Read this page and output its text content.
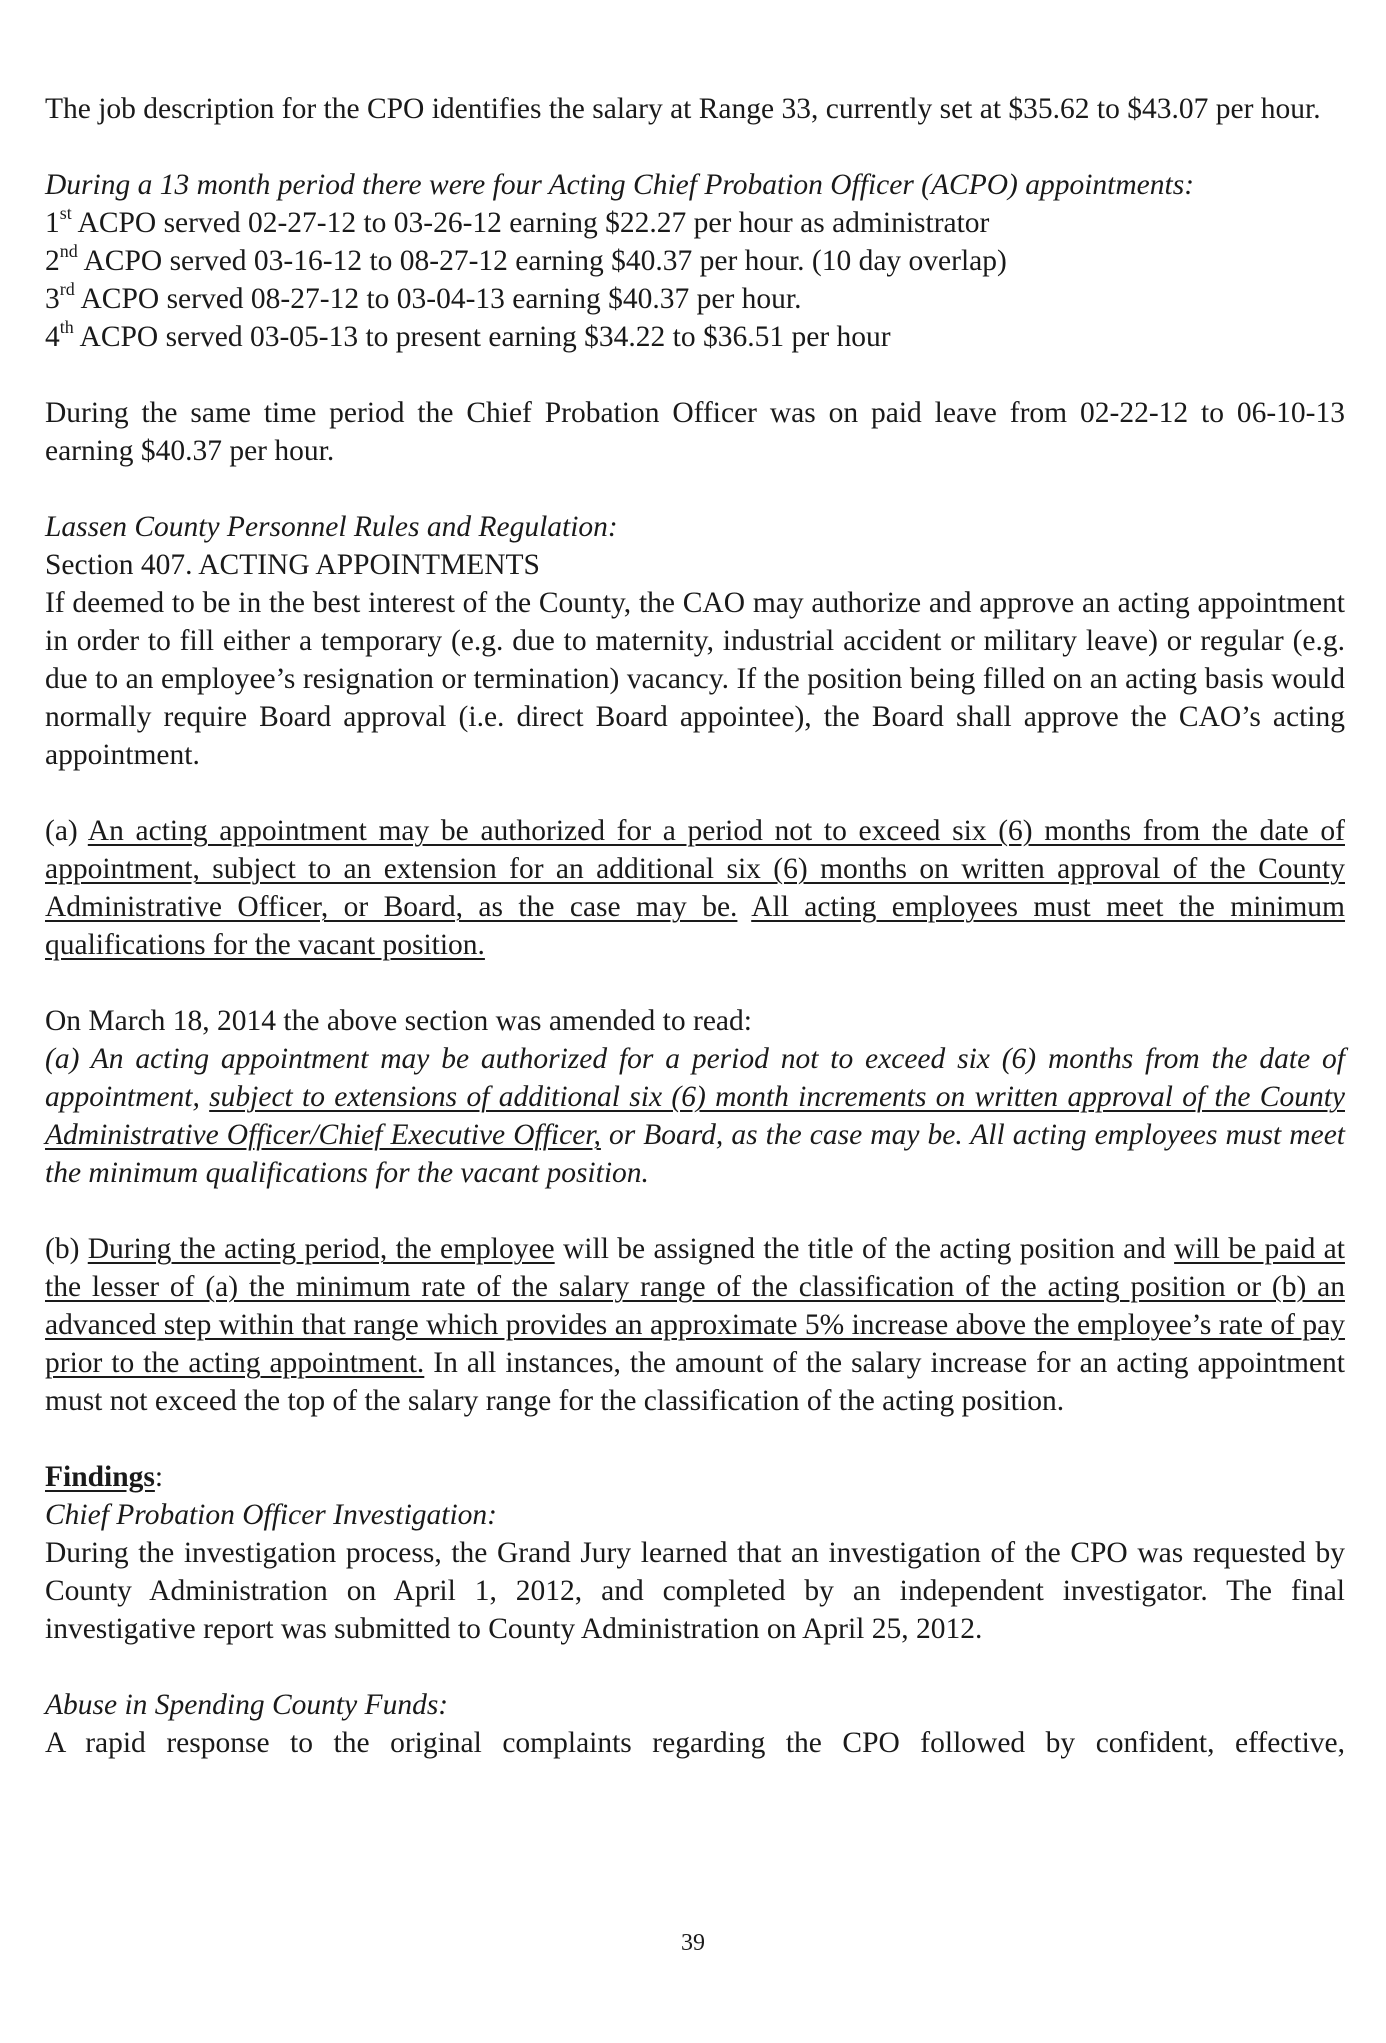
The job description for the CPO identifies the salary at Range 33, currently set at $35.62 to $43.07 per hour.

During a 13 month period there were four Acting Chief Probation Officer (ACPO) appointments:

1st ACPO served 02-27-12 to 03-26-12 earning $22.27 per hour as administrator

2nd ACPO served 03-16-12 to 08-27-12 earning $40.37 per hour. (10 day overlap)

3rd ACPO served 08-27-12 to 03-04-13 earning $40.37 per hour.

4th ACPO served 03-05-13 to present earning $34.22 to $36.51 per hour

During the same time period the Chief Probation Officer was on paid leave from 02-22-12 to 06-10-13 earning $40.37 per hour.

Lassen County Personnel Rules and Regulation:

Section 407. ACTING APPOINTMENTS

If deemed to be in the best interest of the County, the CAO may authorize and approve an acting appointment in order to fill either a temporary (e.g. due to maternity, industrial accident or military leave) or regular (e.g. due to an employee’s resignation or termination) vacancy. If the position being filled on an acting basis would normally require Board approval (i.e. direct Board appointee), the Board shall approve the CAO’s acting appointment.

(a) An acting appointment may be authorized for a period not to exceed six (6) months from the date of appointment, subject to an extension for an additional six (6) months on written approval of the County Administrative Officer, or Board, as the case may be. All acting employees must meet the minimum qualifications for the vacant position.

On March 18, 2014 the above section was amended to read:

(a) An acting appointment may be authorized for a period not to exceed six (6) months from the date of appointment, subject to extensions of additional six (6) month increments on written approval of the County Administrative Officer/Chief Executive Officer, or Board, as the case may be. All acting employees must meet the minimum qualifications for the vacant position.

(b) During the acting period, the employee will be assigned the title of the acting position and will be paid at the lesser of (a) the minimum rate of the salary range of the classification of the acting position or (b) an advanced step within that range which provides an approximate 5% increase above the employee’s rate of pay prior to the acting appointment. In all instances, the amount of the salary increase for an acting appointment must not exceed the top of the salary range for the classification of the acting position.

Findings:

Chief Probation Officer Investigation:

During the investigation process, the Grand Jury learned that an investigation of the CPO was requested by County Administration on April 1, 2012, and completed by an independent investigator. The final investigative report was submitted to County Administration on April 25, 2012.

Abuse in Spending County Funds:

A rapid response to the original complaints regarding the CPO followed by confident, effective,

39
